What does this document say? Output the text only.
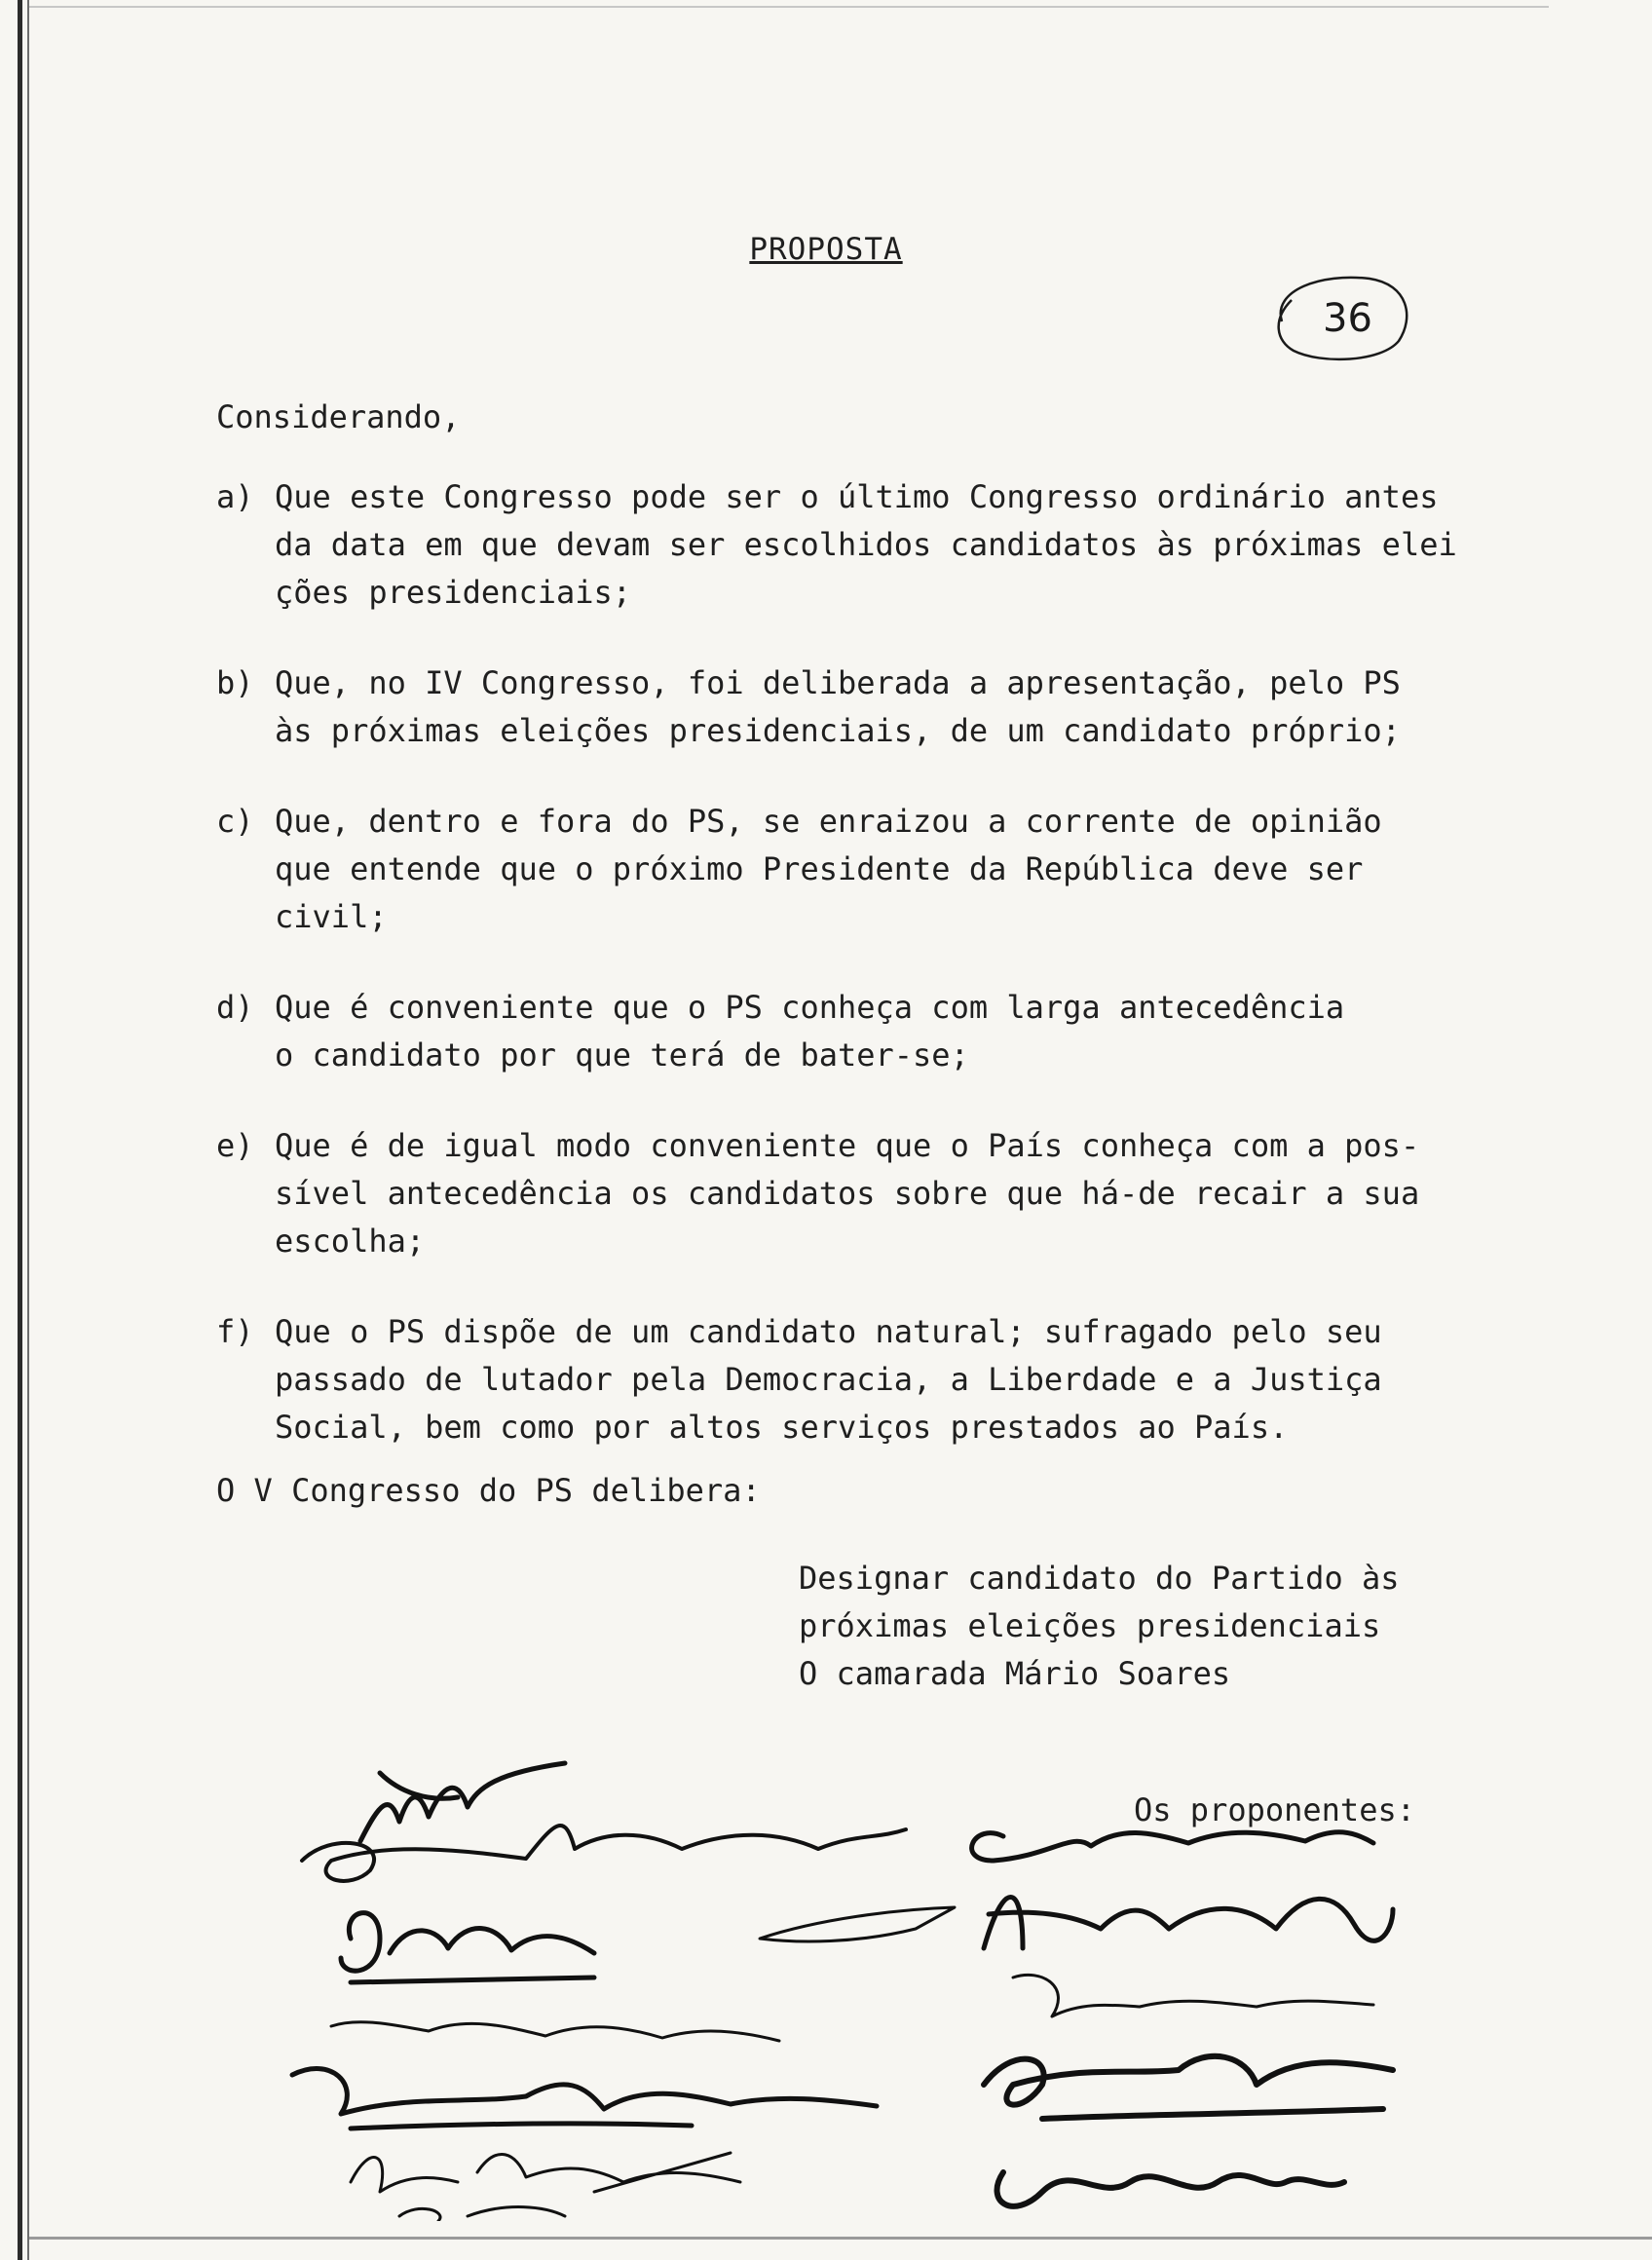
PROPOSTA
36
Considerando,
a) Que este Congresso pode ser o último Congresso ordinário antes
da data em que devam ser escolhidos candidatos às próximas elei
ções presidenciais;
b) Que, no IV Congresso, foi deliberada a apresentação, pelo PS
às próximas eleições presidenciais, de um candidato próprio;
c) Que, dentro e fora do PS, se enraizou a corrente de opinião
que entende que o próximo Presidente da República deve ser
civil;
d) Que é conveniente que o PS conheça com larga antecedência
o candidato por que terá de bater-se;
e) Que é de igual modo conveniente que o País conheça com a pos-
sível antecedência os candidatos sobre que há-de recair a sua
escolha;
f) Que o PS dispõe de um candidato natural; sufragado pelo seu
passado de lutador pela Democracia, a Liberdade e a Justiça
Social, bem como por altos serviços prestados ao País.
O V Congresso do PS delibera:
Designar candidato do Partido às
próximas eleições presidenciais
O camarada Mário Soares
Os proponentes:
